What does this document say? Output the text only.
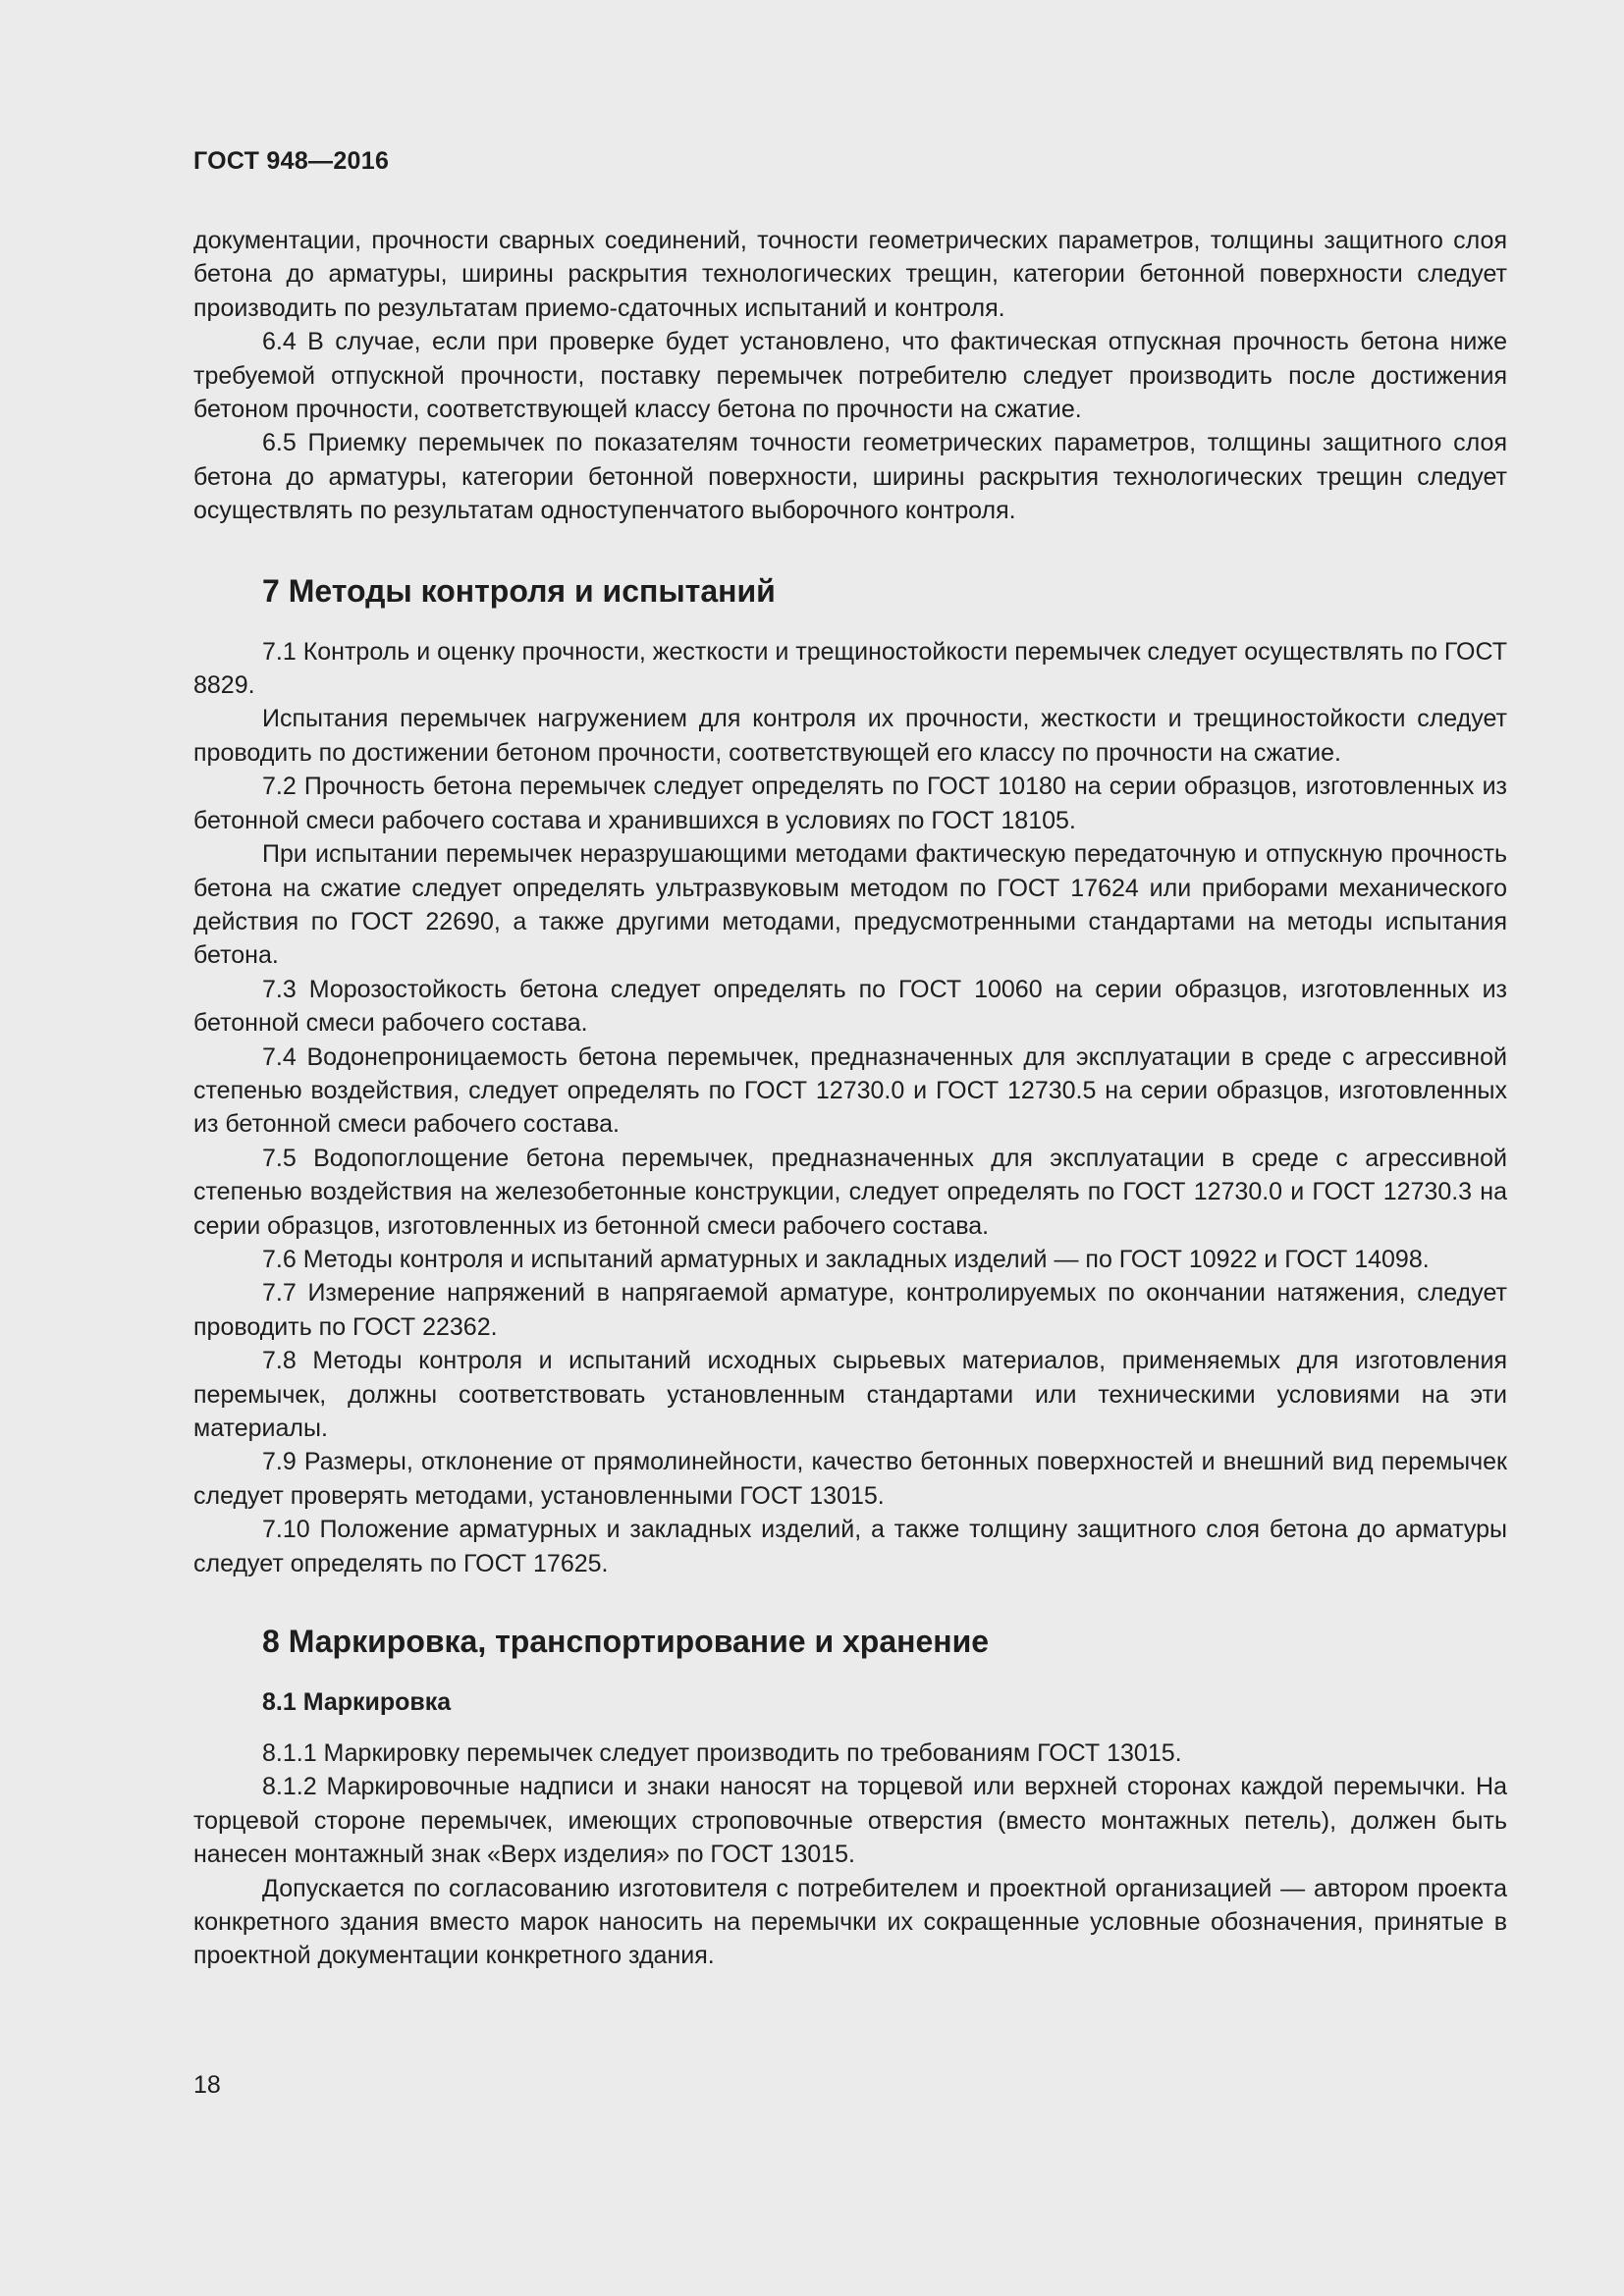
ГОСТ 948—2016

документации, прочности сварных соединений, точности геометрических параметров, толщины защитного слоя бетона до арматуры, ширины раскрытия технологических трещин, категории бетонной поверхности следует производить по результатам приемо-сдаточных испытаний и контроля.

6.4 В случае, если при проверке будет установлено, что фактическая отпускная прочность бетона ниже требуемой отпускной прочности, поставку перемычек потребителю следует производить после достижения бетоном прочности, соответствующей классу бетона по прочности на сжатие.

6.5 Приемку перемычек по показателям точности геометрических параметров, толщины защитного слоя бетона до арматуры, категории бетонной поверхности, ширины раскрытия технологических трещин следует осуществлять по результатам одноступенчатого выборочного контроля.

7 Методы контроля и испытаний

7.1 Контроль и оценку прочности, жесткости и трещиностойкости перемычек следует осуществлять по ГОСТ 8829.

Испытания перемычек нагружением для контроля их прочности, жесткости и трещиностойкости следует проводить по достижении бетоном прочности, соответствующей его классу по прочности на сжатие.

7.2 Прочность бетона перемычек следует определять по ГОСТ 10180 на серии образцов, изготовленных из бетонной смеси рабочего состава и хранившихся в условиях по ГОСТ 18105.

При испытании перемычек неразрушающими методами фактическую передаточную и отпускную прочность бетона на сжатие следует определять ультразвуковым методом по ГОСТ 17624 или приборами механического действия по ГОСТ 22690, а также другими методами, предусмотренными стандартами на методы испытания бетона.

7.3 Морозостойкость бетона следует определять по ГОСТ 10060 на серии образцов, изготовленных из бетонной смеси рабочего состава.

7.4 Водонепроницаемость бетона перемычек, предназначенных для эксплуатации в среде с агрессивной степенью воздействия, следует определять по ГОСТ 12730.0 и ГОСТ 12730.5 на серии образцов, изготовленных из бетонной смеси рабочего состава.

7.5 Водопоглощение бетона перемычек, предназначенных для эксплуатации в среде с агрессивной степенью воздействия на железобетонные конструкции, следует определять по ГОСТ 12730.0 и ГОСТ 12730.3 на серии образцов, изготовленных из бетонной смеси рабочего состава.

7.6 Методы контроля и испытаний арматурных и закладных изделий — по ГОСТ 10922 и ГОСТ 14098.

7.7 Измерение напряжений в напрягаемой арматуре, контролируемых по окончании натяжения, следует проводить по ГОСТ 22362.

7.8 Методы контроля и испытаний исходных сырьевых материалов, применяемых для изготовления перемычек, должны соответствовать установленным стандартами или техническими условиями на эти материалы.

7.9 Размеры, отклонение от прямолинейности, качество бетонных поверхностей и внешний вид перемычек следует проверять методами, установленными ГОСТ 13015.

7.10 Положение арматурных и закладных изделий, а также толщину защитного слоя бетона до арматуры следует определять по ГОСТ 17625.

8 Маркировка, транспортирование и хранение
8.1 Маркировка

8.1.1 Маркировку перемычек следует производить по требованиям ГОСТ 13015.

8.1.2 Маркировочные надписи и знаки наносят на торцевой или верхней сторонах каждой перемычки. На торцевой стороне перемычек, имеющих строповочные отверстия (вместо монтажных петель), должен быть нанесен монтажный знак «Верх изделия» по ГОСТ 13015.

Допускается по согласованию изготовителя с потребителем и проектной организацией — автором проекта конкретного здания вместо марок наносить на перемычки их сокращенные условные обозначения, принятые в проектной документации конкретного здания.

18
